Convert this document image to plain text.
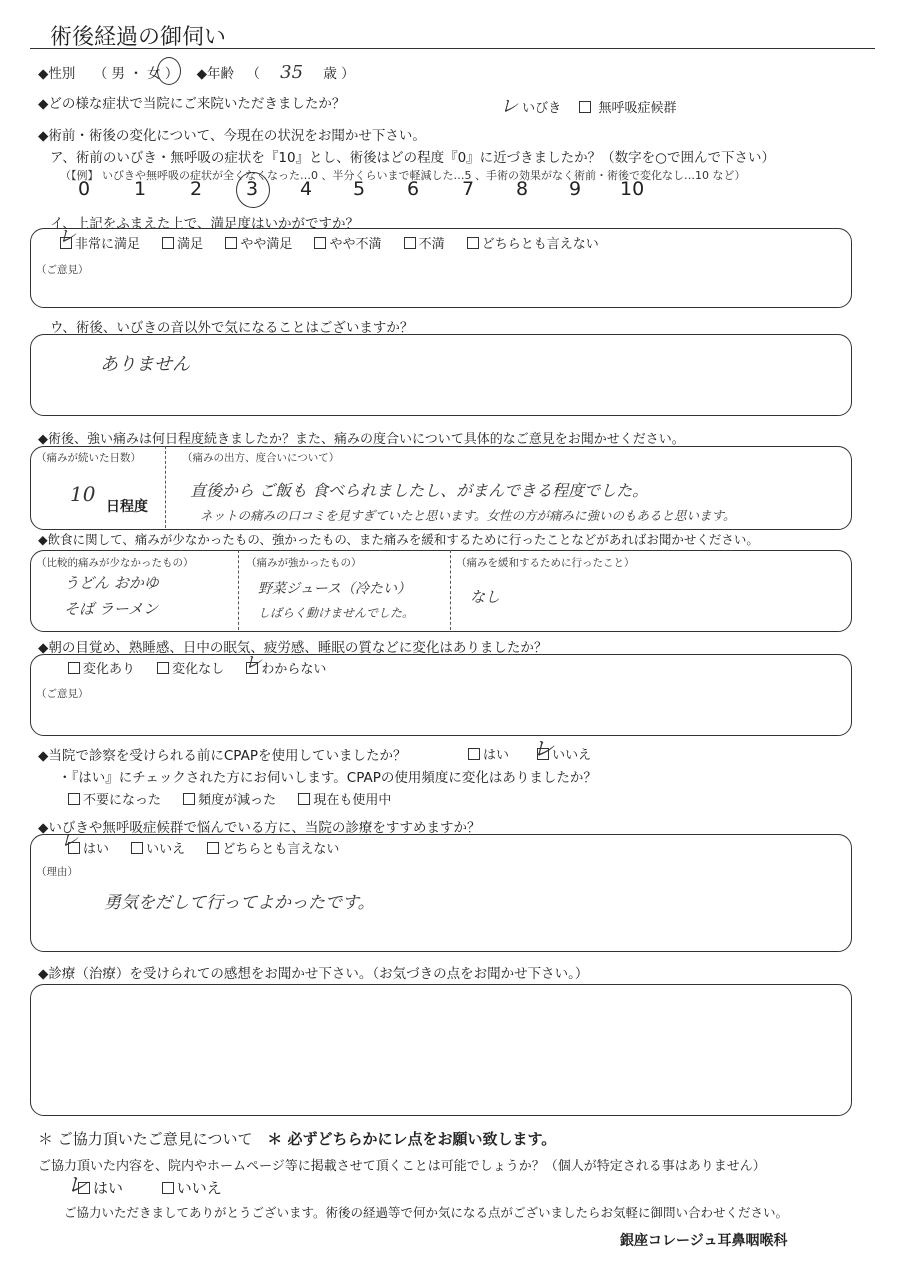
術後経過の御伺い
◆性別 （ 男 ・ 女 ） ◆年齢 （ 35 歳 ）
◆どの様な症状で当院にご来院いただきましたか？	レ いびき	無呼吸症候群
◆術前・術後の変化について、今現在の状況をお聞かせ下さい。
ア、術前のいびき・無呼吸の症状を『10』とし、術後はどの程度『0』に近づきましたか？（数字を○で囲んで下さい）
（【例】 いびきや無呼吸の症状が全くなくなった…0 、半分くらいまで軽減した…5 、手術の効果がなく術前・術後で変化なし…10 など）
0 1 2 3 4 5 6 7 8 9 10
イ、上記をふまえた上で、満足度はいかがですか？
非常に満足	満足	やや満足	やや不満	不満	どちらとも言えない
レ
（ご意見）
ウ、術後、いびきの音以外で気になることはございますか？
ありません
◆術後、強い痛みは何日程度続きましたか？また、痛みの度合いについて具体的なご意見をお聞かせください。
（痛みが続いた日数）
10
日程度
（痛みの出方、度合いについて）
直後から ご飯も 食べられましたし、がまんできる程度でした。
ネットの痛みの口コミを見すぎていたと思います。女性の方が痛みに強いのもあると思います。
◆飲食に関して、痛みが少なかったもの、強かったもの、また痛みを緩和するために行ったことなどがあればお聞かせください。
（比較的痛みが少なかったもの）
うどん おかゆ
そば ラーメン
（痛みが強かったもの）
野菜ジュース（冷たい）
しばらく動けませんでした。
（痛みを緩和するために行ったこと）
なし
◆朝の目覚め、熟睡感、日中の眠気、疲労感、睡眠の質などに変化はありましたか？
変化あり	変化なし	わからない
レ
（ご意見）
◆当院で診察を受けられる前にCPAPを使用していましたか？	はい	いいえ
レ
・『はい』にチェックされた方にお伺いします。CPAPの使用頻度に変化はありましたか？
不要になった	頻度が減った	現在も使用中
◆いびきや無呼吸症候群で悩んでいる方に、当院の診療をすすめますか？
はい	いいえ	どちらとも言えない
レ
（理由）
勇気をだして行ってよかったです。
◆診療（治療）を受けられての感想をお聞かせ下さい。（お気づきの点をお聞かせ下さい。）
＊ ご協力頂いたご意見について ＊ 必ずどちらかにレ点をお願い致します。
ご協力頂いた内容を、院内やホームページ等に掲載させて頂くことは可能でしょうか？（個人が特定される事はありません）
はい	いいえ
レ
ご協力いただきましてありがとうございます。術後の経過等で何か気になる点がございましたらお気軽に御問い合わせください。
銀座コレージュ耳鼻咽喉科
